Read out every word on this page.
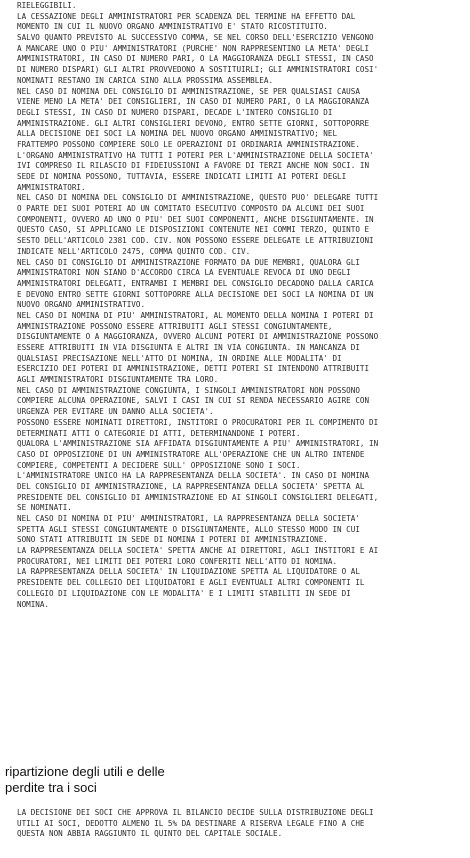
RIELEGGIBILI.
LA CESSAZIONE DEGLI AMMINISTRATORI PER SCADENZA DEL TERMINE HA EFFETTO DAL
MOMENTO IN CUI IL NUOVO ORGANO AMMINISTRATIVO E' STATO RICOSTITUITO.
SALVO QUANTO PREVISTO AL SUCCESSIVO COMMA, SE NEL CORSO DELL'ESERCIZIO VENGONO
A MANCARE UNO O PIU' AMMINISTRATORI (PURCHE' NON RAPPRESENTINO LA META' DEGLI
AMMINISTRATORI, IN CASO DI NUMERO PARI, O LA MAGGIORANZA DEGLI STESSI, IN CASO
DI NUMERO DISPARI) GLI ALTRI PROVVEDONO A SOSTITUIRLI; GLI AMMINISTRATORI COSI'
NOMINATI RESTANO IN CARICA SINO ALLA PROSSIMA ASSEMBLEA.
NEL CASO DI NOMINA DEL CONSIGLIO DI AMMINISTRAZIONE, SE PER QUALSIASI CAUSA
VIENE MENO LA META' DEI CONSIGLIERI, IN CASO DI NUMERO PARI, O LA MAGGIORANZA
DEGLI STESSI, IN CASO DI NUMERO DISPARI, DECADE L'INTERO CONSIGLIO DI
AMMINISTRAZIONE. GLI ALTRI CONSIGLIERI DEVONO, ENTRO SETTE GIORNI, SOTTOPORRE
ALLA DECISIONE DEI SOCI LA NOMINA DEL NUOVO ORGANO AMMINISTRATIVO; NEL
FRATTEMPO POSSONO COMPIERE SOLO LE OPERAZIONI DI ORDINARIA AMMINISTRAZIONE.
L'ORGANO AMMINISTRATIVO HA TUTTI I POTERI PER L'AMMINISTRAZIONE DELLA SOCIETA'
IVI COMPRESO IL RILASCIO DI FIDEIUSSIONI A FAVORE DI TERZI ANCHE NON SOCI. IN
SEDE DI NOMINA POSSONO, TUTTAVIA, ESSERE INDICATI LIMITI AI POTERI DEGLI
AMMINISTRATORI.
NEL CASO DI NOMINA DEL CONSIGLIO DI AMMINISTRAZIONE, QUESTO PUO' DELEGARE TUTTI
O PARTE DEI SUOI POTERI AD UN COMITATO ESECUTIVO COMPOSTO DA ALCUNI DEI SUOI
COMPONENTI, OVVERO AD UNO O PIU' DEI SUOI COMPONENTI, ANCHE DISGIUNTAMENTE. IN
QUESTO CASO, SI APPLICANO LE DISPOSIZIONI CONTENUTE NEI COMMI TERZO, QUINTO E
SESTO DELL'ARTICOLO 2381 COD. CIV. NON POSSONO ESSERE DELEGATE LE ATTRIBUZIONI
INDICATE NELL'ARTICOLO 2475, COMMA QUINTO COD. CIV.
NEL CASO DI CONSIGLIO DI AMMINISTRAZIONE FORMATO DA DUE MEMBRI, QUALORA GLI
AMMINISTRATORI NON SIANO D'ACCORDO CIRCA LA EVENTUALE REVOCA DI UNO DEGLI
AMMINISTRATORI DELEGATI, ENTRAMBI I MEMBRI DEL CONSIGLIO DECADONO DALLA CARICA
E DEVONO ENTRO SETTE GIORNI SOTTOPORRE ALLA DECISIONE DEI SOCI LA NOMINA DI UN
NUOVO ORGANO AMMINISTRATIVO.
NEL CASO DI NOMINA DI PIU' AMMINISTRATORI, AL MOMENTO DELLA NOMINA I POTERI DI
AMMINISTRAZIONE POSSONO ESSERE ATTRIBUITI AGLI STESSI CONGIUNTAMENTE,
DISGIUNTAMENTE O A MAGGIORANZA, OVVERO ALCUNI POTERI DI AMMINISTRAZIONE POSSONO
ESSERE ATTRIBUITI IN VIA DISGIUNTA E ALTRI IN VIA CONGIUNTA. IN MANCANZA DI
QUALSIASI PRECISAZIONE NELL'ATTO DI NOMINA, IN ORDINE ALLE MODALITA' DI
ESERCIZIO DEI POTERI DI AMMINISTRAZIONE, DETTI POTERI SI INTENDONO ATTRIBUITI
AGLI AMMINISTRATORI DISGIUNTAMENTE TRA LORO.
NEL CASO DI AMMINISTRAZIONE CONGIUNTA, I SINGOLI AMMINISTRATORI NON POSSONO
COMPIERE ALCUNA OPERAZIONE, SALVI I CASI IN CUI SI RENDA NECESSARIO AGIRE CON
URGENZA PER EVITARE UN DANNO ALLA SOCIETA'.
POSSONO ESSERE NOMINATI DIRETTORI, INSTITORI O PROCURATORI PER IL COMPIMENTO DI
DETERMINATI ATTI O CATEGORIE DI ATTI, DETERMINANDONE I POTERI.
QUALORA L'AMMINISTRAZIONE SIA AFFIDATA DISGIUNTAMENTE A PIU' AMMINISTRATORI, IN
CASO DI OPPOSIZIONE DI UN AMMINISTRATORE ALL'OPERAZIONE CHE UN ALTRO INTENDE
COMPIERE, COMPETENTI A DECIDERE SULL' OPPOSIZIONE SONO I SOCI.
L'AMMINISTRATORE UNICO HA LA RAPPRESENTANZA DELLA SOCIETA'. IN CASO DI NOMINA
DEL CONSIGLIO DI AMMINISTRAZIONE, LA RAPPRESENTANZA DELLA SOCIETA' SPETTA AL
PRESIDENTE DEL CONSIGLIO DI AMMINISTRAZIONE ED AI SINGOLI CONSIGLIERI DELEGATI,
SE NOMINATI.
NEL CASO DI NOMINA DI PIU' AMMINISTRATORI, LA RAPPRESENTANZA DELLA SOCIETA'
SPETTA AGLI STESSI CONGIUNTAMENTE O DISGIUNTAMENTE, ALLO STESSO MODO IN CUI
SONO STATI ATTRIBUITI IN SEDE DI NOMINA I POTERI DI AMMINISTRAZIONE.
LA RAPPRESENTANZA DELLA SOCIETA' SPETTA ANCHE AI DIRETTORI, AGLI INSTITORI E AI
PROCURATORI, NEI LIMITI DEI POTERI LORO CONFERITI NELL'ATTO DI NOMINA.
LA RAPPRESENTANZA DELLA SOCIETA' IN LIQUIDAZIONE SPETTA AL LIQUIDATORE O AL
PRESIDENTE DEL COLLEGIO DEI LIQUIDATORI E AGLI EVENTUALI ALTRI COMPONENTI IL
COLLEGIO DI LIQUIDAZIONE CON LE MODALITA' E I LIMITI STABILITI IN SEDE DI
NOMINA.
ripartizione degli utili e delle
perdite tra i soci
LA DECISIONE DEI SOCI CHE APPROVA IL BILANCIO DECIDE SULLA DISTRIBUZIONE DEGLI
UTILI AI SOCI, DEDOTTO ALMENO IL 5% DA DESTINARE A RISERVA LEGALE FINO A CHE
QUESTA NON ABBIA RAGGIUNTO IL QUINTO DEL CAPITALE SOCIALE.
